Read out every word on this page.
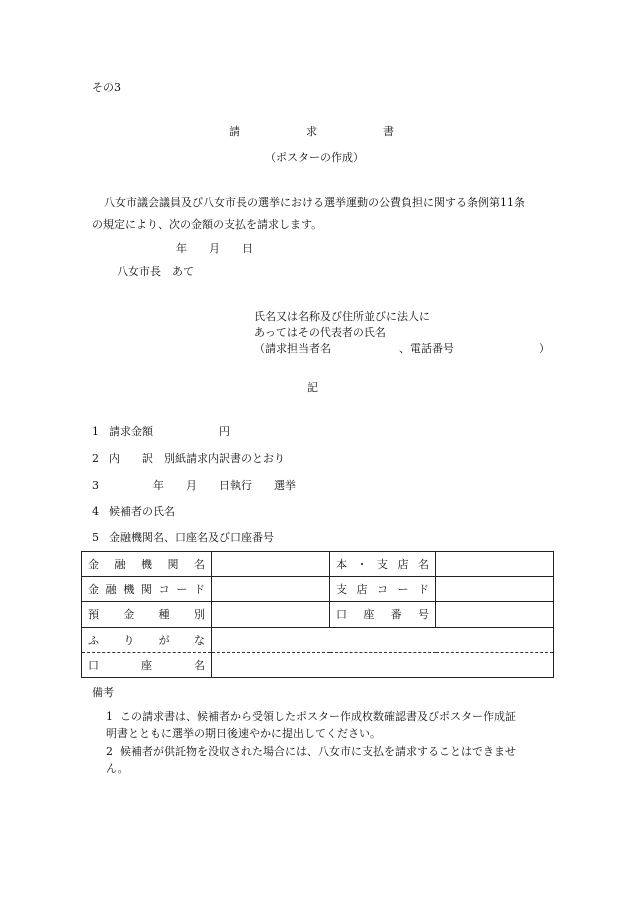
その3
請　　　　　　求　　　　　　書
（ポスターの作成）
八女市議会議員及び八女市長の選挙における選挙運動の公費負担に関する条例第11条
の規定により、次の金額の支払を請求します。
年　　月　　日
八女市長　あて
氏名又は名称及び住所並びに法人に
あってはその代表者の氏名
（請求担当者名	、電話番号	）
記
1 請求金額　　　　　　円
2 内　　訳　別紙請求内訳書のとおり
3 　　　　年　　月　　日執行　　選挙
4 候補者の氏名
5 金融機関名、口座名及び口座番号
金融機関名		本・支店名	
金融機関コード		支店コード	
預金種別		口座番号	
ふりがな			
口座名			
備考
1 この請求書は、候補者から受領したポスター作成枚数確認書及びポスター作成証
明書とともに選挙の期日後速やかに提出してください。
2 候補者が供託物を没収された場合には、八女市に支払を請求することはできませ
ん。
